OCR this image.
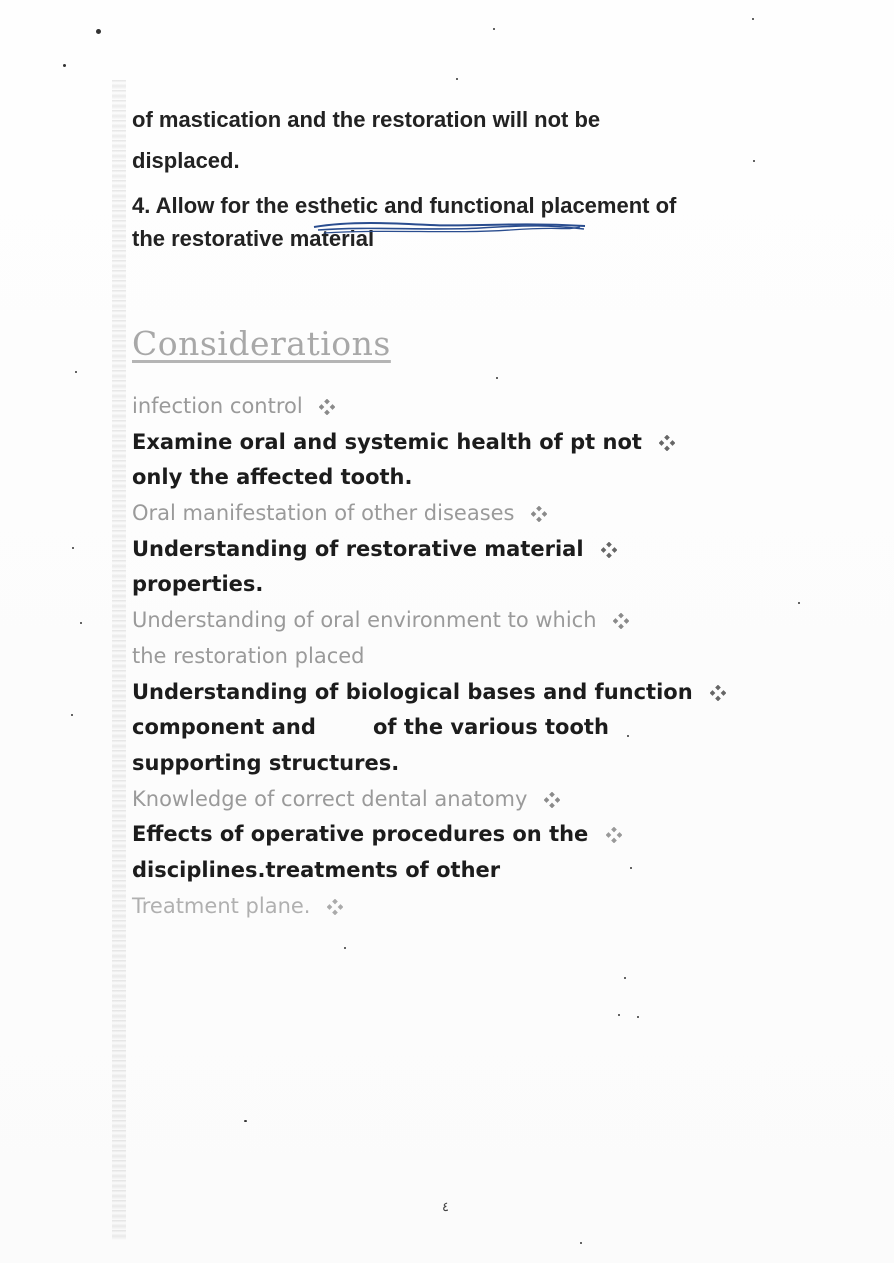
of mastication and the restoration will not be
displaced.
4. Allow for the esthetic and functional placement of
the restorative material
Considerations
infection control
Examine oral and systemic health of pt not
only the affected tooth.
Oral manifestation of other diseases
Understanding of restorative material
properties.
Understanding of oral environment to which
the restoration placed
Understanding of biological bases and function
component and	of the various tooth
supporting structures.
Knowledge of correct dental anatomy
Effects of operative procedures on the
disciplines.treatments of other
Treatment plane.
٤
